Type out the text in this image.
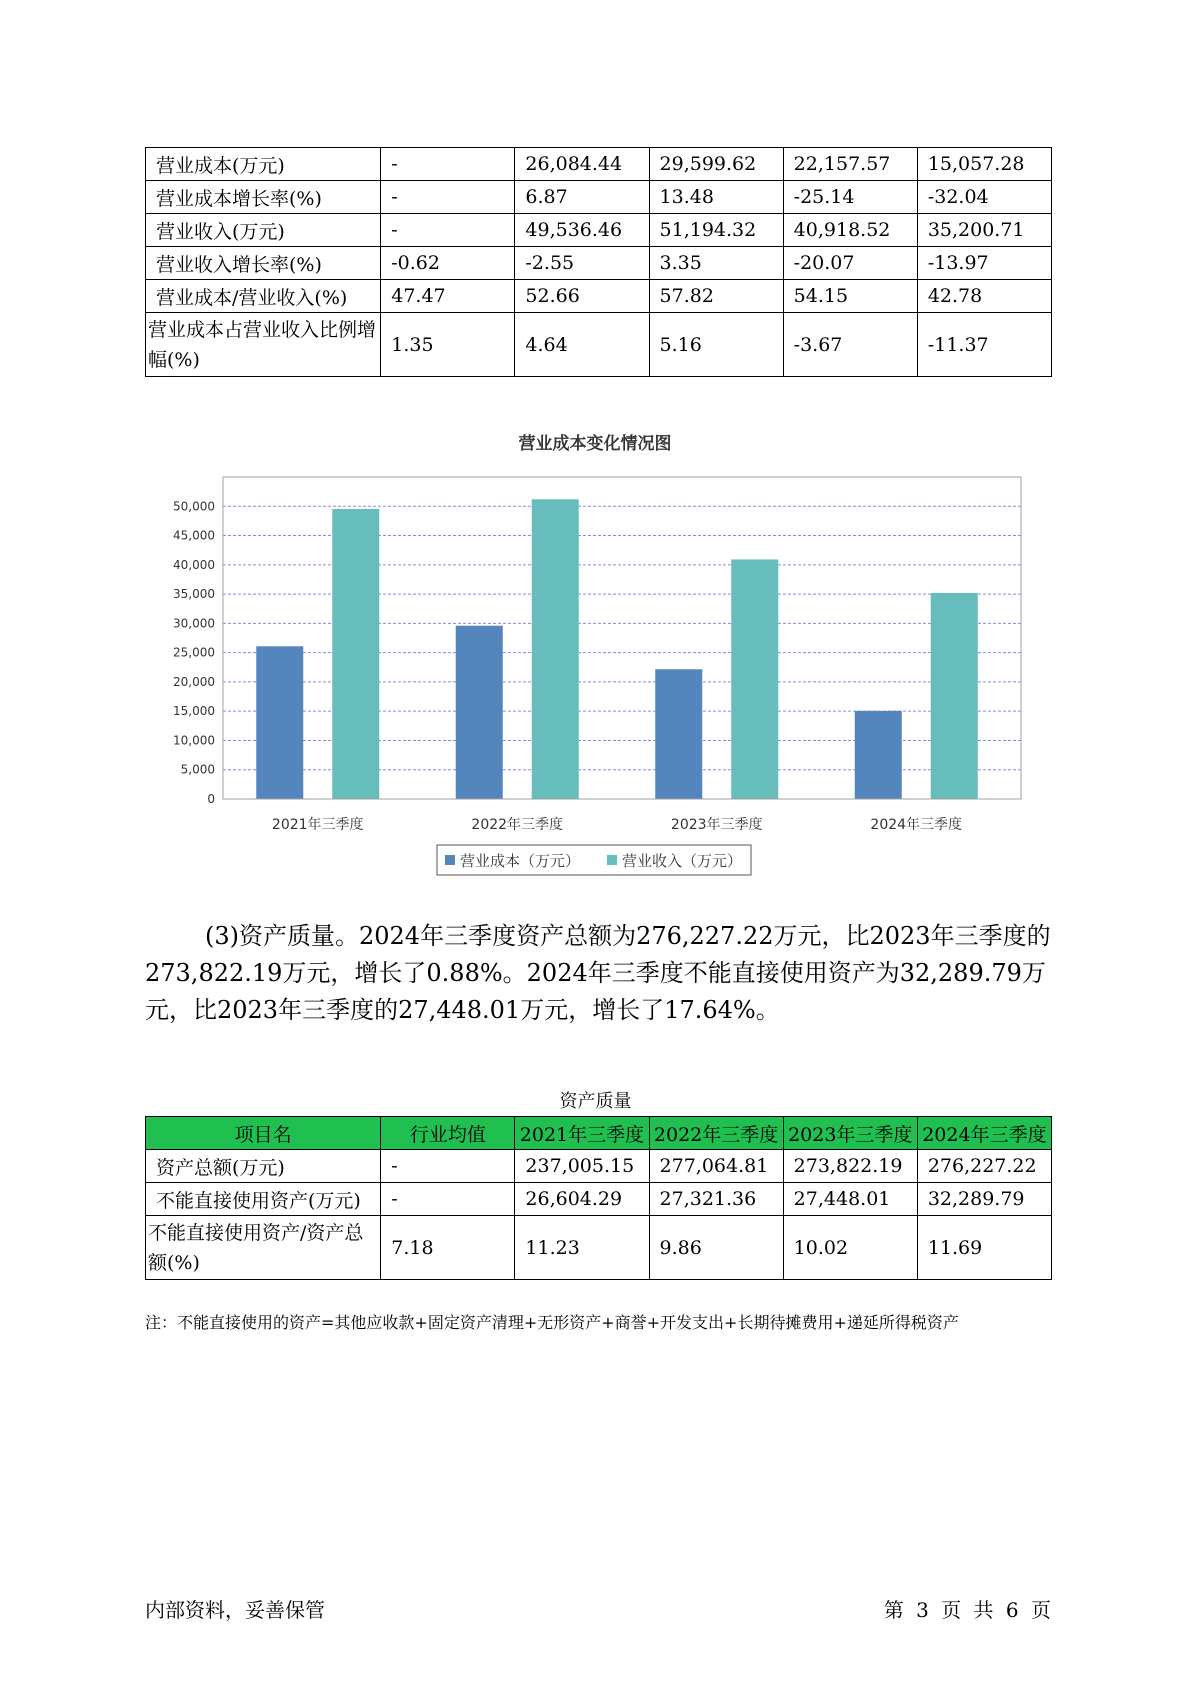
营业成本(万元)	-	26,084.44	29,599.62	22,157.57	15,057.28
营业成本增长率(%)	-	6.87	13.48	-25.14	-32.04
营业收入(万元)	-	49,536.46	51,194.32	40,918.52	35,200.71
营业收入增长率(%)	-0.62	-2.55	3.35	-20.07	-13.97
营业成本/营业收入(%)	47.47	52.66	57.82	54.15	42.78
营业成本占营业收入比例增幅(%)	1.35	4.64	5.16	-3.67	-11.37
营业成本变化情况图
0
5,000
10,000
15,000
20,000
25,000
30,000
35,000
40,000
45,000
50,000
2021年三季度	2022年三季度	2023年三季度	2024年三季度
营业成本（万元）	营业收入（万元）
(3)资产质量。2024年三季度资产总额为276,227.22万元，比2023年三季度的273,822.19万元，增长了0.88%。2024年三季度不能直接使用资产为32,289.79万元，比2023年三季度的27,448.01万元，增长了17.64%。
资产质量
项目名	行业均值	2021年三季度	2022年三季度	2023年三季度	2024年三季度
资产总额(万元)	-	237,005.15	277,064.81	273,822.19	276,227.22
不能直接使用资产(万元)	-	26,604.29	27,321.36	27,448.01	32,289.79
不能直接使用资产/资产总额(%)	7.18	11.23	9.86	10.02	11.69
注：不能直接使用的资产=其他应收款+固定资产清理+无形资产+商誉+开发支出+长期待摊费用+递延所得税资产
内部资料，妥善保管	第 3 页 共 6 页
